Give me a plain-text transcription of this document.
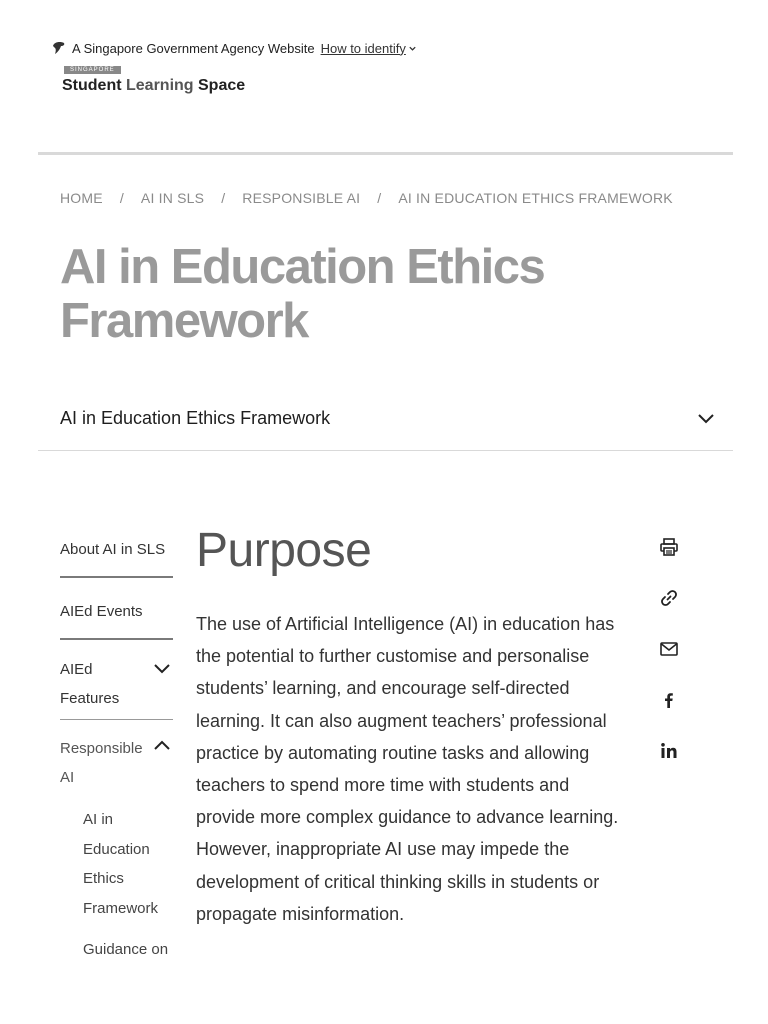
A Singapore Government Agency Website How to identify
SINGAPORE
Student Learning Space
HOME / AI IN SLS / RESPONSIBLE AI / AI IN EDUCATION ETHICS FRAMEWORK
AI in Education Ethics Framework
AI in Education Ethics Framework
About AI in SLS
AIEd Events
AIEd Features
Responsible AI
AI in Education Ethics Framework
Guidance on
Purpose

The use of Artificial Intelligence (AI) in education has the potential to further customise and personalise students’ learning, and encourage self-directed learning. It can also augment teachers’ professional practice by automating routine tasks and allowing teachers to spend more time with students and provide more complex guidance to advance learning. However, inappropriate AI use may impede the development of critical thinking skills in students or propagate misinformation.
